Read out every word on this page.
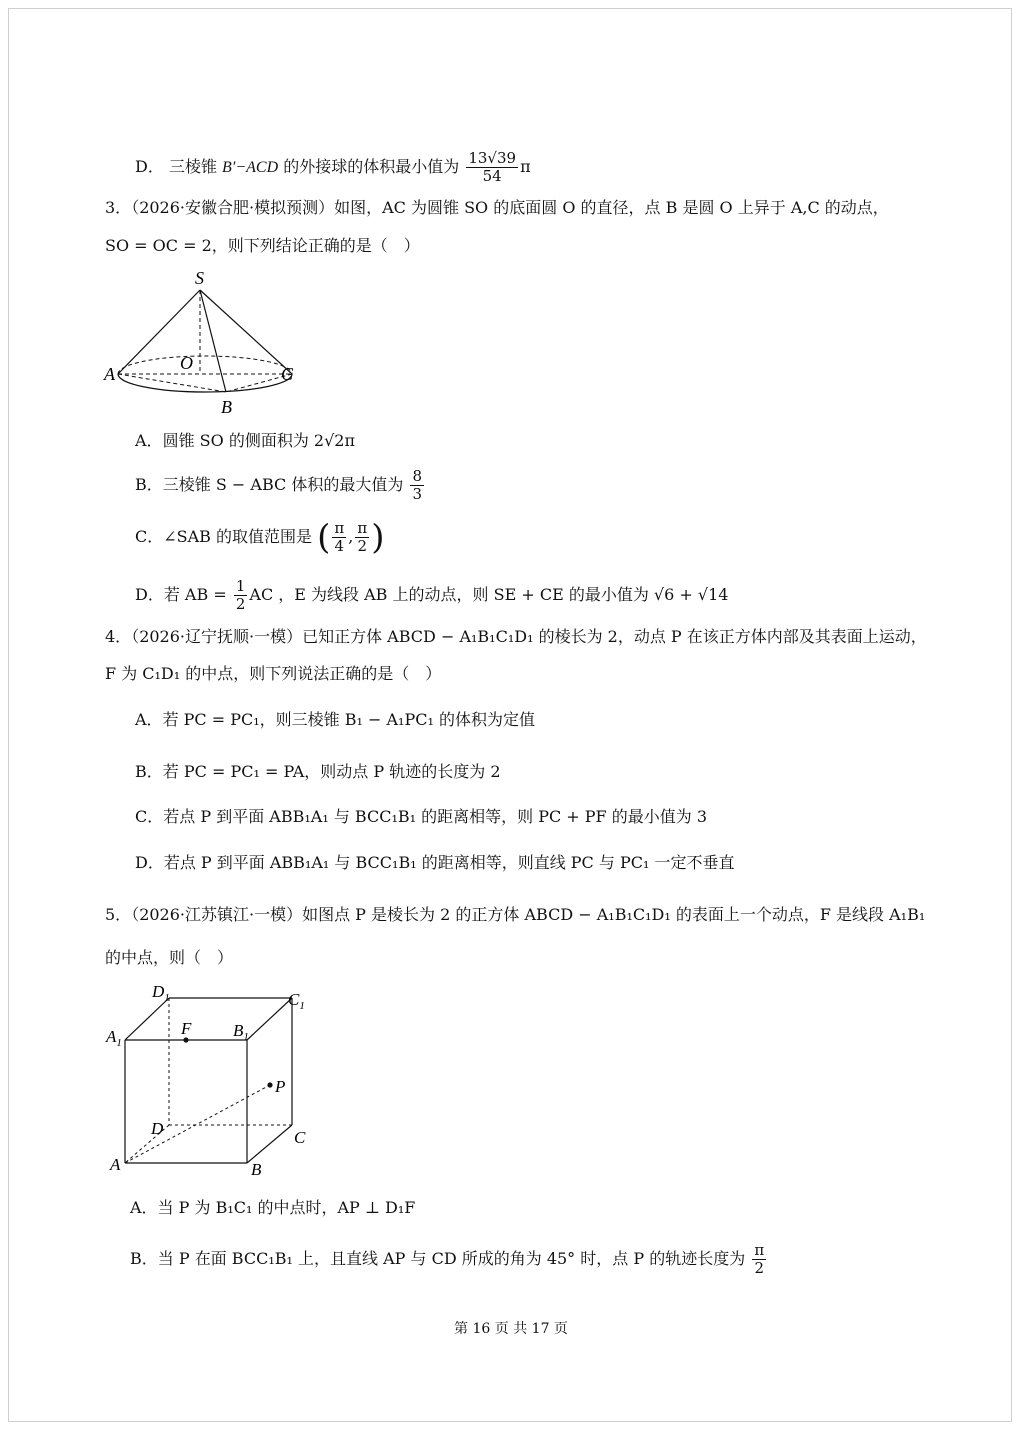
D． 三棱锥 B′−ACD 的外接球的体积最小值为 $\frac{13√39}{54}$ π
3．（2026·安徽合肥·模拟预测）如图，AC 为圆锥 SO 的底面圆 O 的直径，点 B 是圆 O 上异于 A,C 的动点，
SO = OC = 2，则下列结论正确的是（　）
S
O
A
B
C
A．圆锥 SO 的侧面积为 2√2π
B．三棱锥 S − ABC 体积的最大值为 $\frac{8}{3}$
C．∠SAB 的取值范围是 ( $\frac{\pi}{4}$ , $\frac{\pi}{2}$ )
D．若 AB = $\frac{1}{2}$ AC ，E 为线段 AB 上的动点，则 SE + CE 的最小值为 √6 + √14
4．（2026·辽宁抚顺·一模）已知正方体 ABCD − A₁B₁C₁D₁ 的棱长为 2，动点 P 在该正方体内部及其表面上运动，
F 为 C₁D₁ 的中点，则下列说法正确的是（　）
A．若 PC = PC₁，则三棱锥 B₁ − A₁PC₁ 的体积为定值
B．若 PC = PC₁ = PA，则动点 P 轨迹的长度为 2
C．若点 P 到平面 ABB₁A₁ 与 BCC₁B₁ 的距离相等，则 PC + PF 的最小值为 3
D．若点 P 到平面 ABB₁A₁ 与 BCC₁B₁ 的距离相等，则直线 PC 与 PC₁ 一定不垂直
5．（2026·江苏镇江·一模）如图点 P 是棱长为 2 的正方体 ABCD − A₁B₁C₁D₁ 的表面上一个动点，F 是线段 A₁B₁
的中点，则（　）
$D_1$	$C_1$
$A_1$
$B_1$
F
P
D	C
A	B
A．当 P 为 B₁C₁ 的中点时，AP ⊥ D₁F
B．当 P 在面 BCC₁B₁ 上，且直线 AP 与 CD 所成的角为 45° 时，点 P 的轨迹长度为 $\frac{\pi}{2}$
第 16 页 共 17 页
